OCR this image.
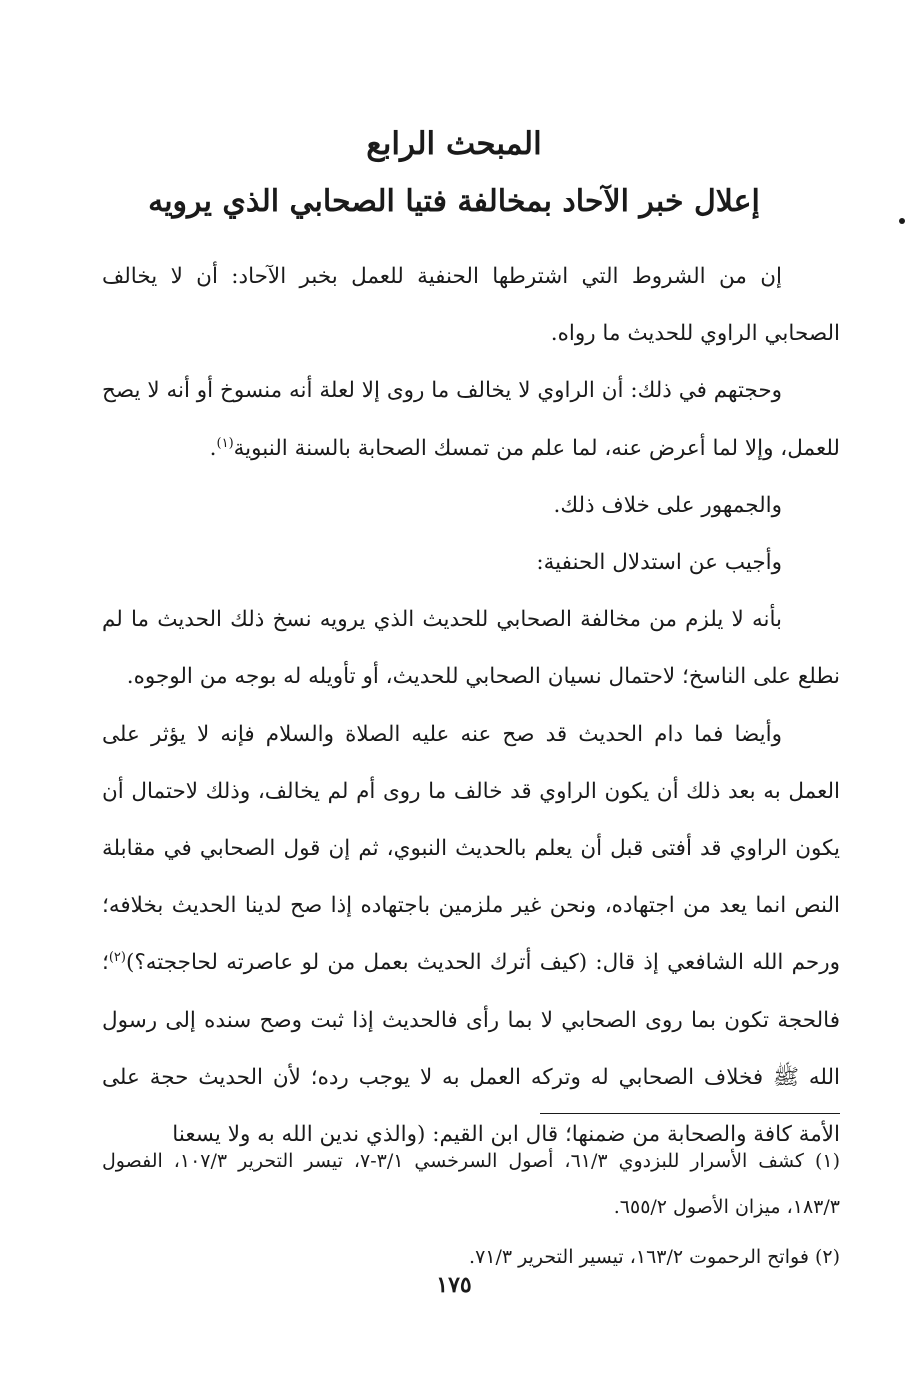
المبحث الرابع
إعلال خبر الآحاد بمخالفة فتيا الصحابي الذي يرويه

إن من الشروط التي اشترطها الحنفية للعمل بخبر الآحاد: أن لا يخالف الصحابي الراوي للحديث ما رواه.

وحجتهم في ذلك: أن الراوي لا يخالف ما روى إلا لعلة أنه منسوخ أو أنه لا يصح للعمل، وإلا لما أعرض عنه، لما علم من تمسك الصحابة بالسنة النبوية$^{(١)}$.

والجمهور على خلاف ذلك.

وأجيب عن استدلال الحنفية:

بأنه لا يلزم من مخالفة الصحابي للحديث الذي يرويه نسخ ذلك الحديث ما لم نطلع على الناسخ؛ لاحتمال نسيان الصحابي للحديث، أو تأويله له بوجه من الوجوه.

وأيضا فما دام الحديث قد صح عنه عليه الصلاة والسلام فإنه لا يؤثر على العمل به بعد ذلك أن يكون الراوي قد خالف ما روى أم لم يخالف، وذلك لاحتمال أن يكون الراوي قد أفتى قبل أن يعلم بالحديث النبوي، ثم إن قول الصحابي في مقابلة النص انما يعد من اجتهاده، ونحن غير ملزمين باجتهاده إذا صح لدينا الحديث بخلافه؛ ورحم الله الشافعي إذ قال: (كيف أترك الحديث بعمل من لو عاصرته لحاججته؟)$^{(٢)}$؛ فالحجة تكون بما روى الصحابي لا بما رأى فالحديث إذا ثبت وصح سنده إلى رسول الله ﷺ فخلاف الصحابي له وتركه العمل به لا يوجب رده؛ لأن الحديث حجة على الأمة كافة والصحابة من ضمنها؛ قال ابن القيم: (والذي ندين الله به ولا يسعنا

(١) كشف الأسرار للبزدوي ٦١/٣، أصول السرخسي ٣/١-٧، تيسر التحرير ١٠٧/٣، الفصول ١٨٣/٣، ميزان الأصول ٦٥٥/٢.

(٢) فواتح الرحموت ١٦٣/٢، تيسير التحرير ٧١/٣.

١٧٥
